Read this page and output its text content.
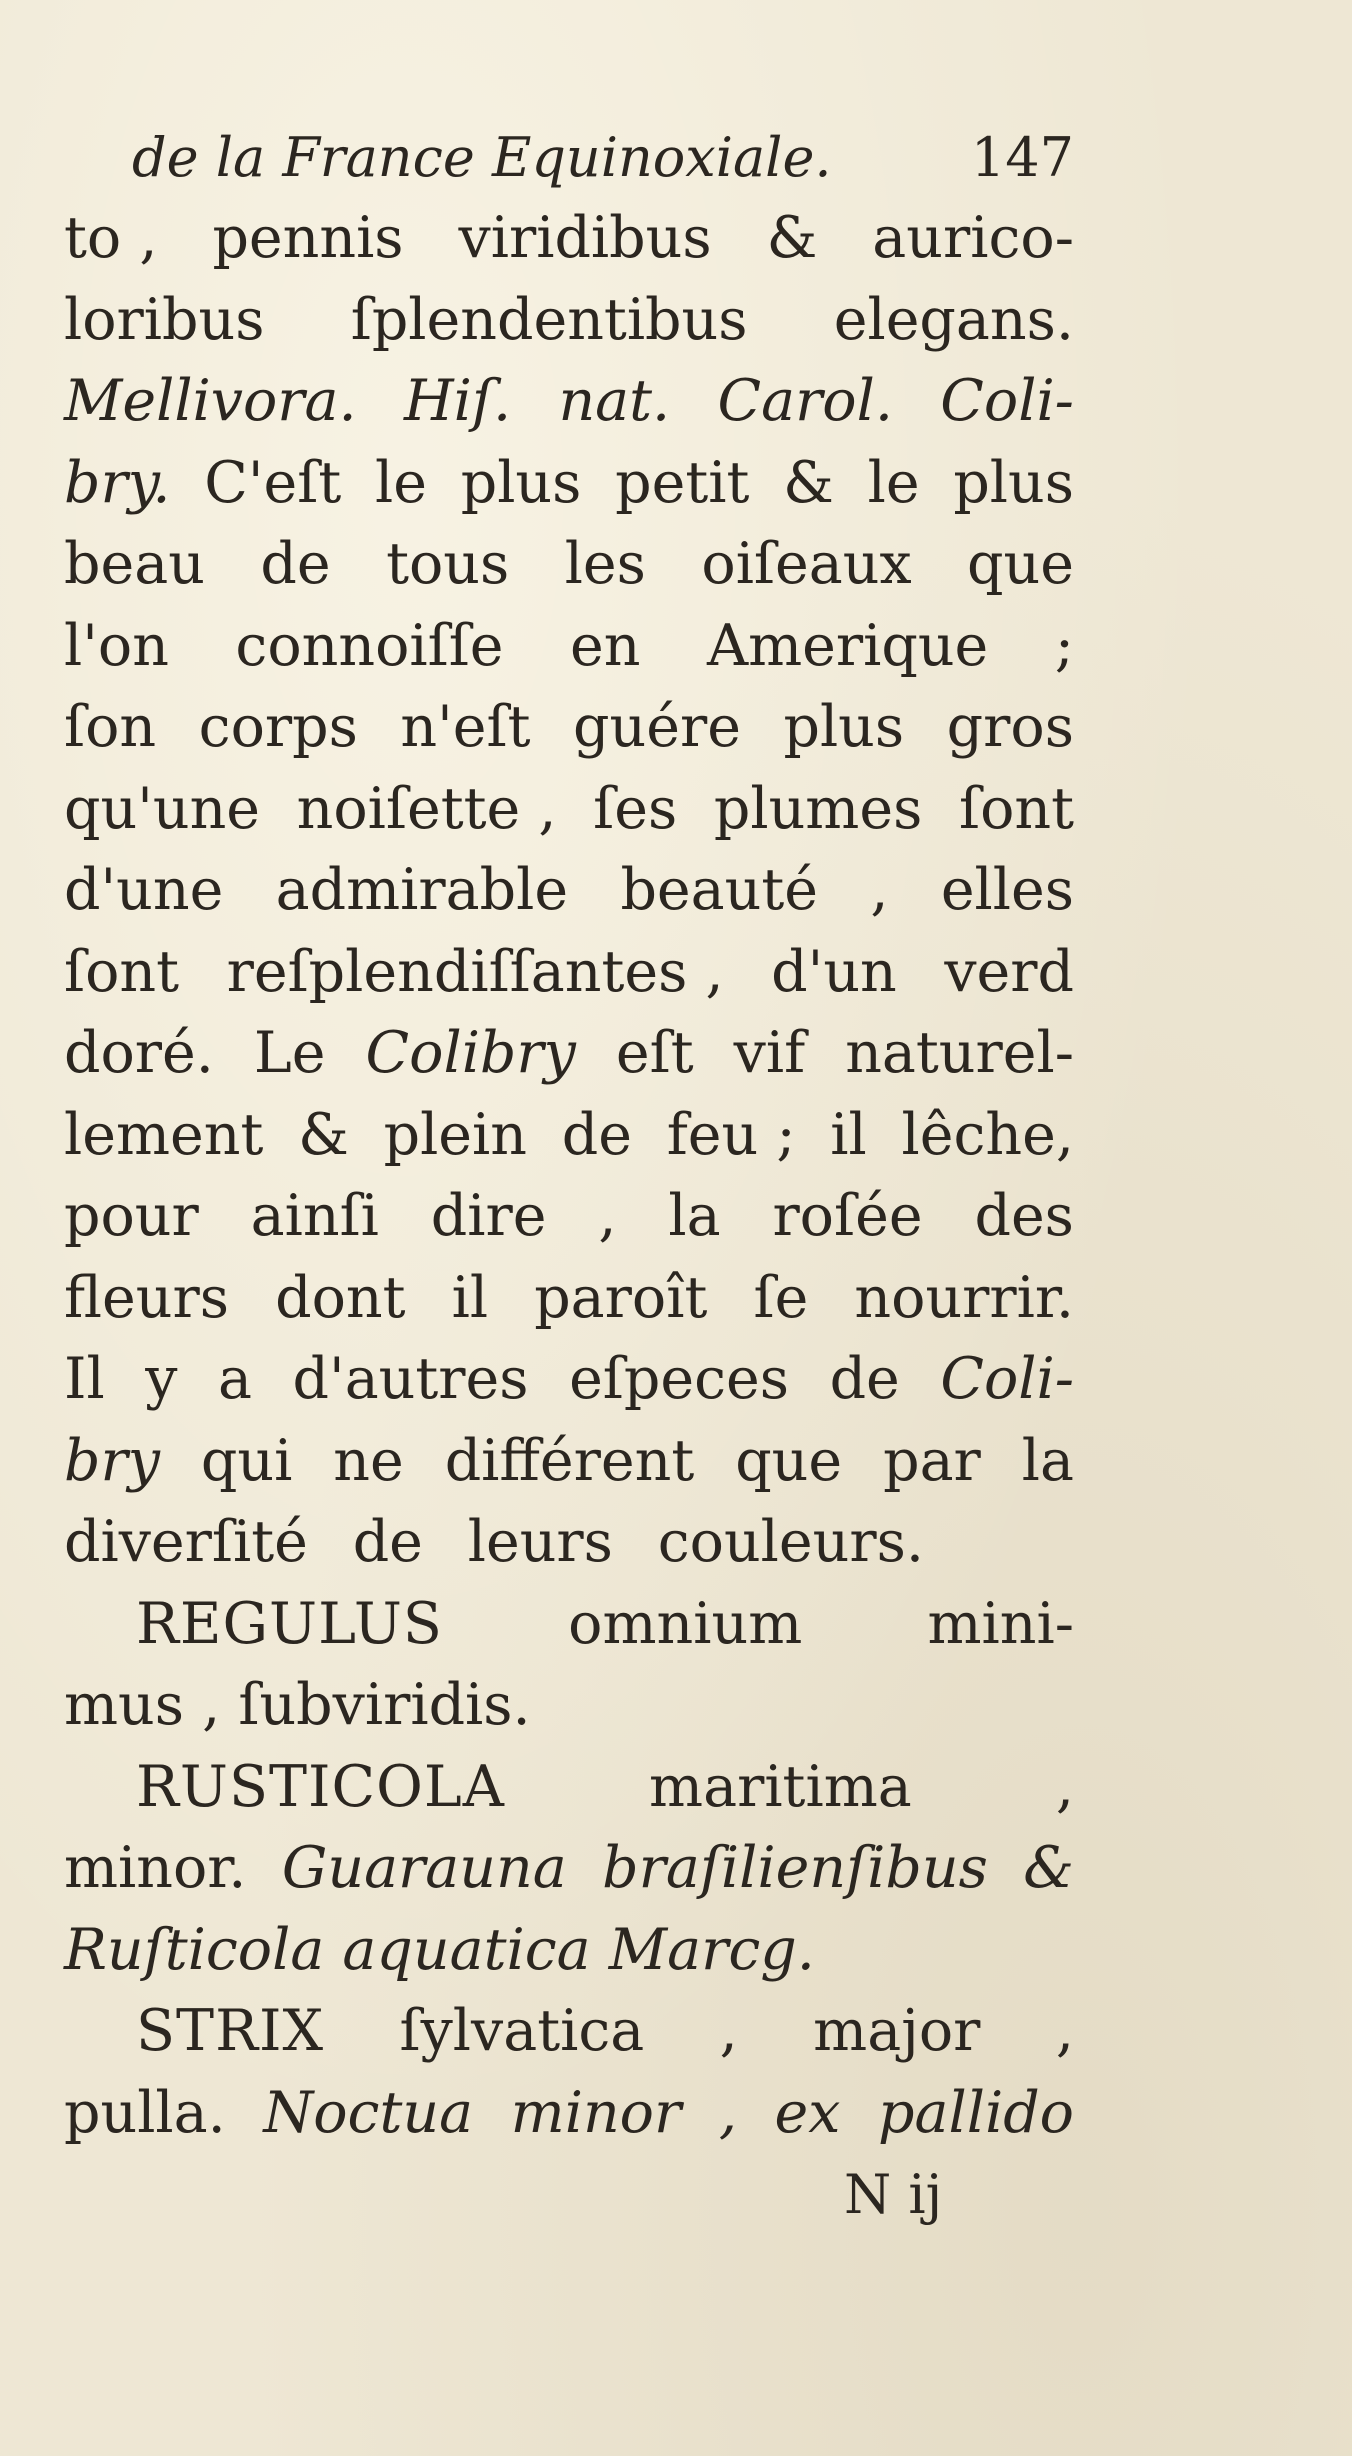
de la France Equinoxiale.	147
to , pennis viridibus & aurico-
loribus ſplendentibus elegans.
Mellivora. Hiſ. nat. Carol. Coli-
bry. C'eſt le plus petit & le plus
beau de tous les oiſeaux que
l'on connoiſſe en Amerique ;
ſon corps n'eſt guére plus gros
qu'une noiſette , ſes plumes ſont
d'une admirable beauté , elles
ſont reſplendiſſantes , d'un verd
doré. Le Colibry eſt vif naturel-
lement & plein de feu ; il lêche,
pour ainſi dire , la roſée des
fleurs dont il paroît ſe nourrir.
Il y a d'autres eſpeces de Coli-
bry qui ne différent que par la
diverſité de leurs couleurs.
REGULUS omnium mini-
mus , ſubviridis.
RUSTICOLA	maritima	,
minor. Guarauna braſilienſibus &
Ruſticola aquatica Marcg.
STRIX ſylvatica , major ,
pulla. Noctua minor , ex pallido
N ij
